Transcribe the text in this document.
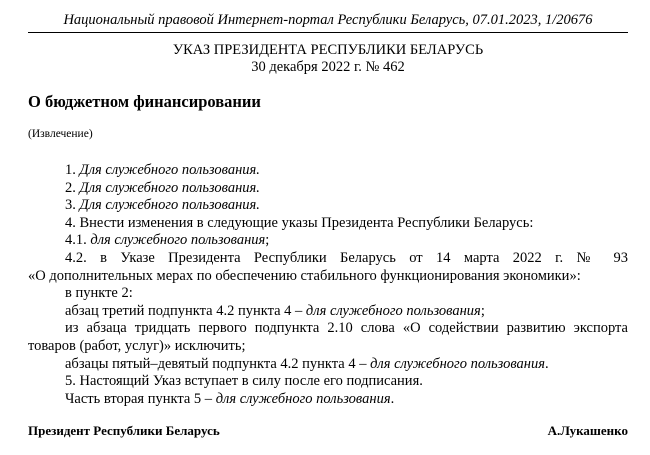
Национальный правовой Интернет-портал Республики Беларусь, 07.01.2023, 1/20676
УКАЗ ПРЕЗИДЕНТА РЕСПУБЛИКИ БЕЛАРУСЬ
30 декабря 2022 г. № 462
О бюджетном финансировании
(Извлечение)

1. Для служебного пользования.

2. Для служебного пользования.

3. Для служебного пользования.

4. Внести изменения в следующие указы Президента Республики Беларусь:

4.1. для служебного пользования;

4.2. в Указе Президента Республики Беларусь от 14 марта 2022 г. № 93

«О дополнительных мерах по обеспечению стабильного функционирования экономики»:

в пункте 2:

абзац третий подпункта 4.2 пункта 4 – для служебного пользования;

из абзаца тридцать первого подпункта 2.10 слова «О содействии развитию экспорта товаров (работ, услуг)» исключить;

абзацы пятый–девятый подпункта 4.2 пункта 4 – для служебного пользования.

5. Настоящий Указ вступает в силу после его подписания.

Часть вторая пункта 5 – для служебного пользования.

Президент Республики Беларусь	А.Лукашенко
